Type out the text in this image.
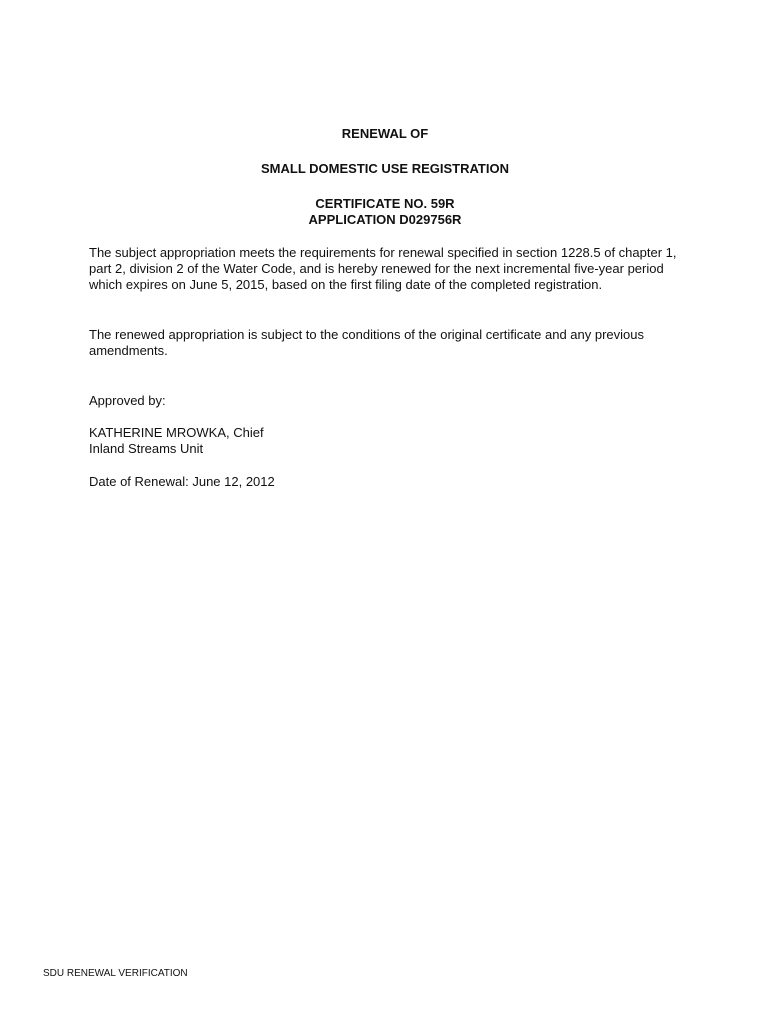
RENEWAL OF

SMALL DOMESTIC USE REGISTRATION

CERTIFICATE NO. 59R

APPLICATION D029756R

The subject appropriation meets the requirements for renewal specified in section 1228.5 of chapter 1, part 2, division 2 of the Water Code, and is hereby renewed for the next incremental five-year period which expires on June 5, 2015, based on the first filing date of the completed registration.

The renewed appropriation is subject to the conditions of the original certificate and any previous amendments.

Approved by:

KATHERINE MROWKA, Chief

Inland Streams Unit

Date of Renewal: June 12, 2012

SDU RENEWAL VERIFICATION
